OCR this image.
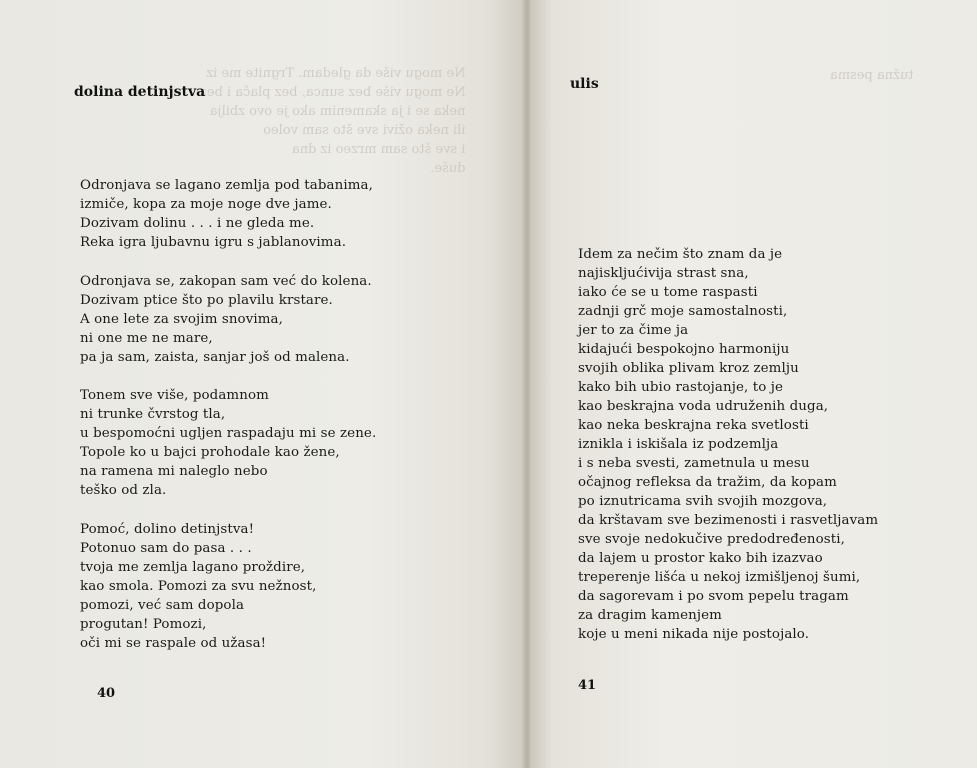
Ne mogu više da gledam. Trgnite me iz
Ne mogu više bez sunca, bez plača i bez
neka se i ja skamenim ako je ovo zbilja
ili neka oživi sve što sam voleo
i sve što sam mrzeo iz dna
duše.
dolina detinjstva

Odronjava se lagano zemlja pod tabanima,
izmiče, kopa za moje noge dve jame.
Dozivam dolinu . . . i ne gleda me.
Reka igra ljubavnu igru s jablanovima.

Odronjava se, zakopan sam već do kolena.
Dozivam ptice što po plavilu krstare.
A one lete za svojim snovima,
ni one me ne mare,
pa ja sam, zaista, sanjar još od malena.

Tonem sve više, podamnom
ni trunke čvrstog tla,
u bespomoćni ugljen raspadaju mi se zene.
Topole ko u bajci prohodale kao žene,
na ramena mi naleglo nebo
teško od zla.

Pomoć, dolino detinjstva!
Potonuo sam do pasa . . .
tvoja me zemlja lagano proždire,
kao smola. Pomozi za svu nežnost,
pomozi, već sam dopola
progutan! Pomozi,
oči mi se raspale od užasa!

40

tužna pesma
ulis
Idem za nečim što znam da je
najiskljućivija strast sna,
iako će se u tome raspasti
zadnji grč moje samostalnosti,
jer to za čime ja
kidajući bespokojno harmoniju
svojih oblika plivam kroz zemlju
kako bih ubio rastojanje, to je
kao beskrajna voda udruženih duga,
kao neka beskrajna reka svetlosti
iznikla i iskišala iz podzemlja
i s neba svesti, zametnula u mesu
očajnog refleksa da tražim, da kopam
po iznutricama svih svojih mozgova,
da krštavam sve bezimenosti i rasvetljavam
sve svoje nedokučive predodređenosti,
da lajem u prostor kako bih izazvao
treperenje lišća u nekoj izmišljenoj šumi,
da sagorevam i po svom pepelu tragam
za dragim kamenjem
koje u meni nikada nije postojalo.

41
